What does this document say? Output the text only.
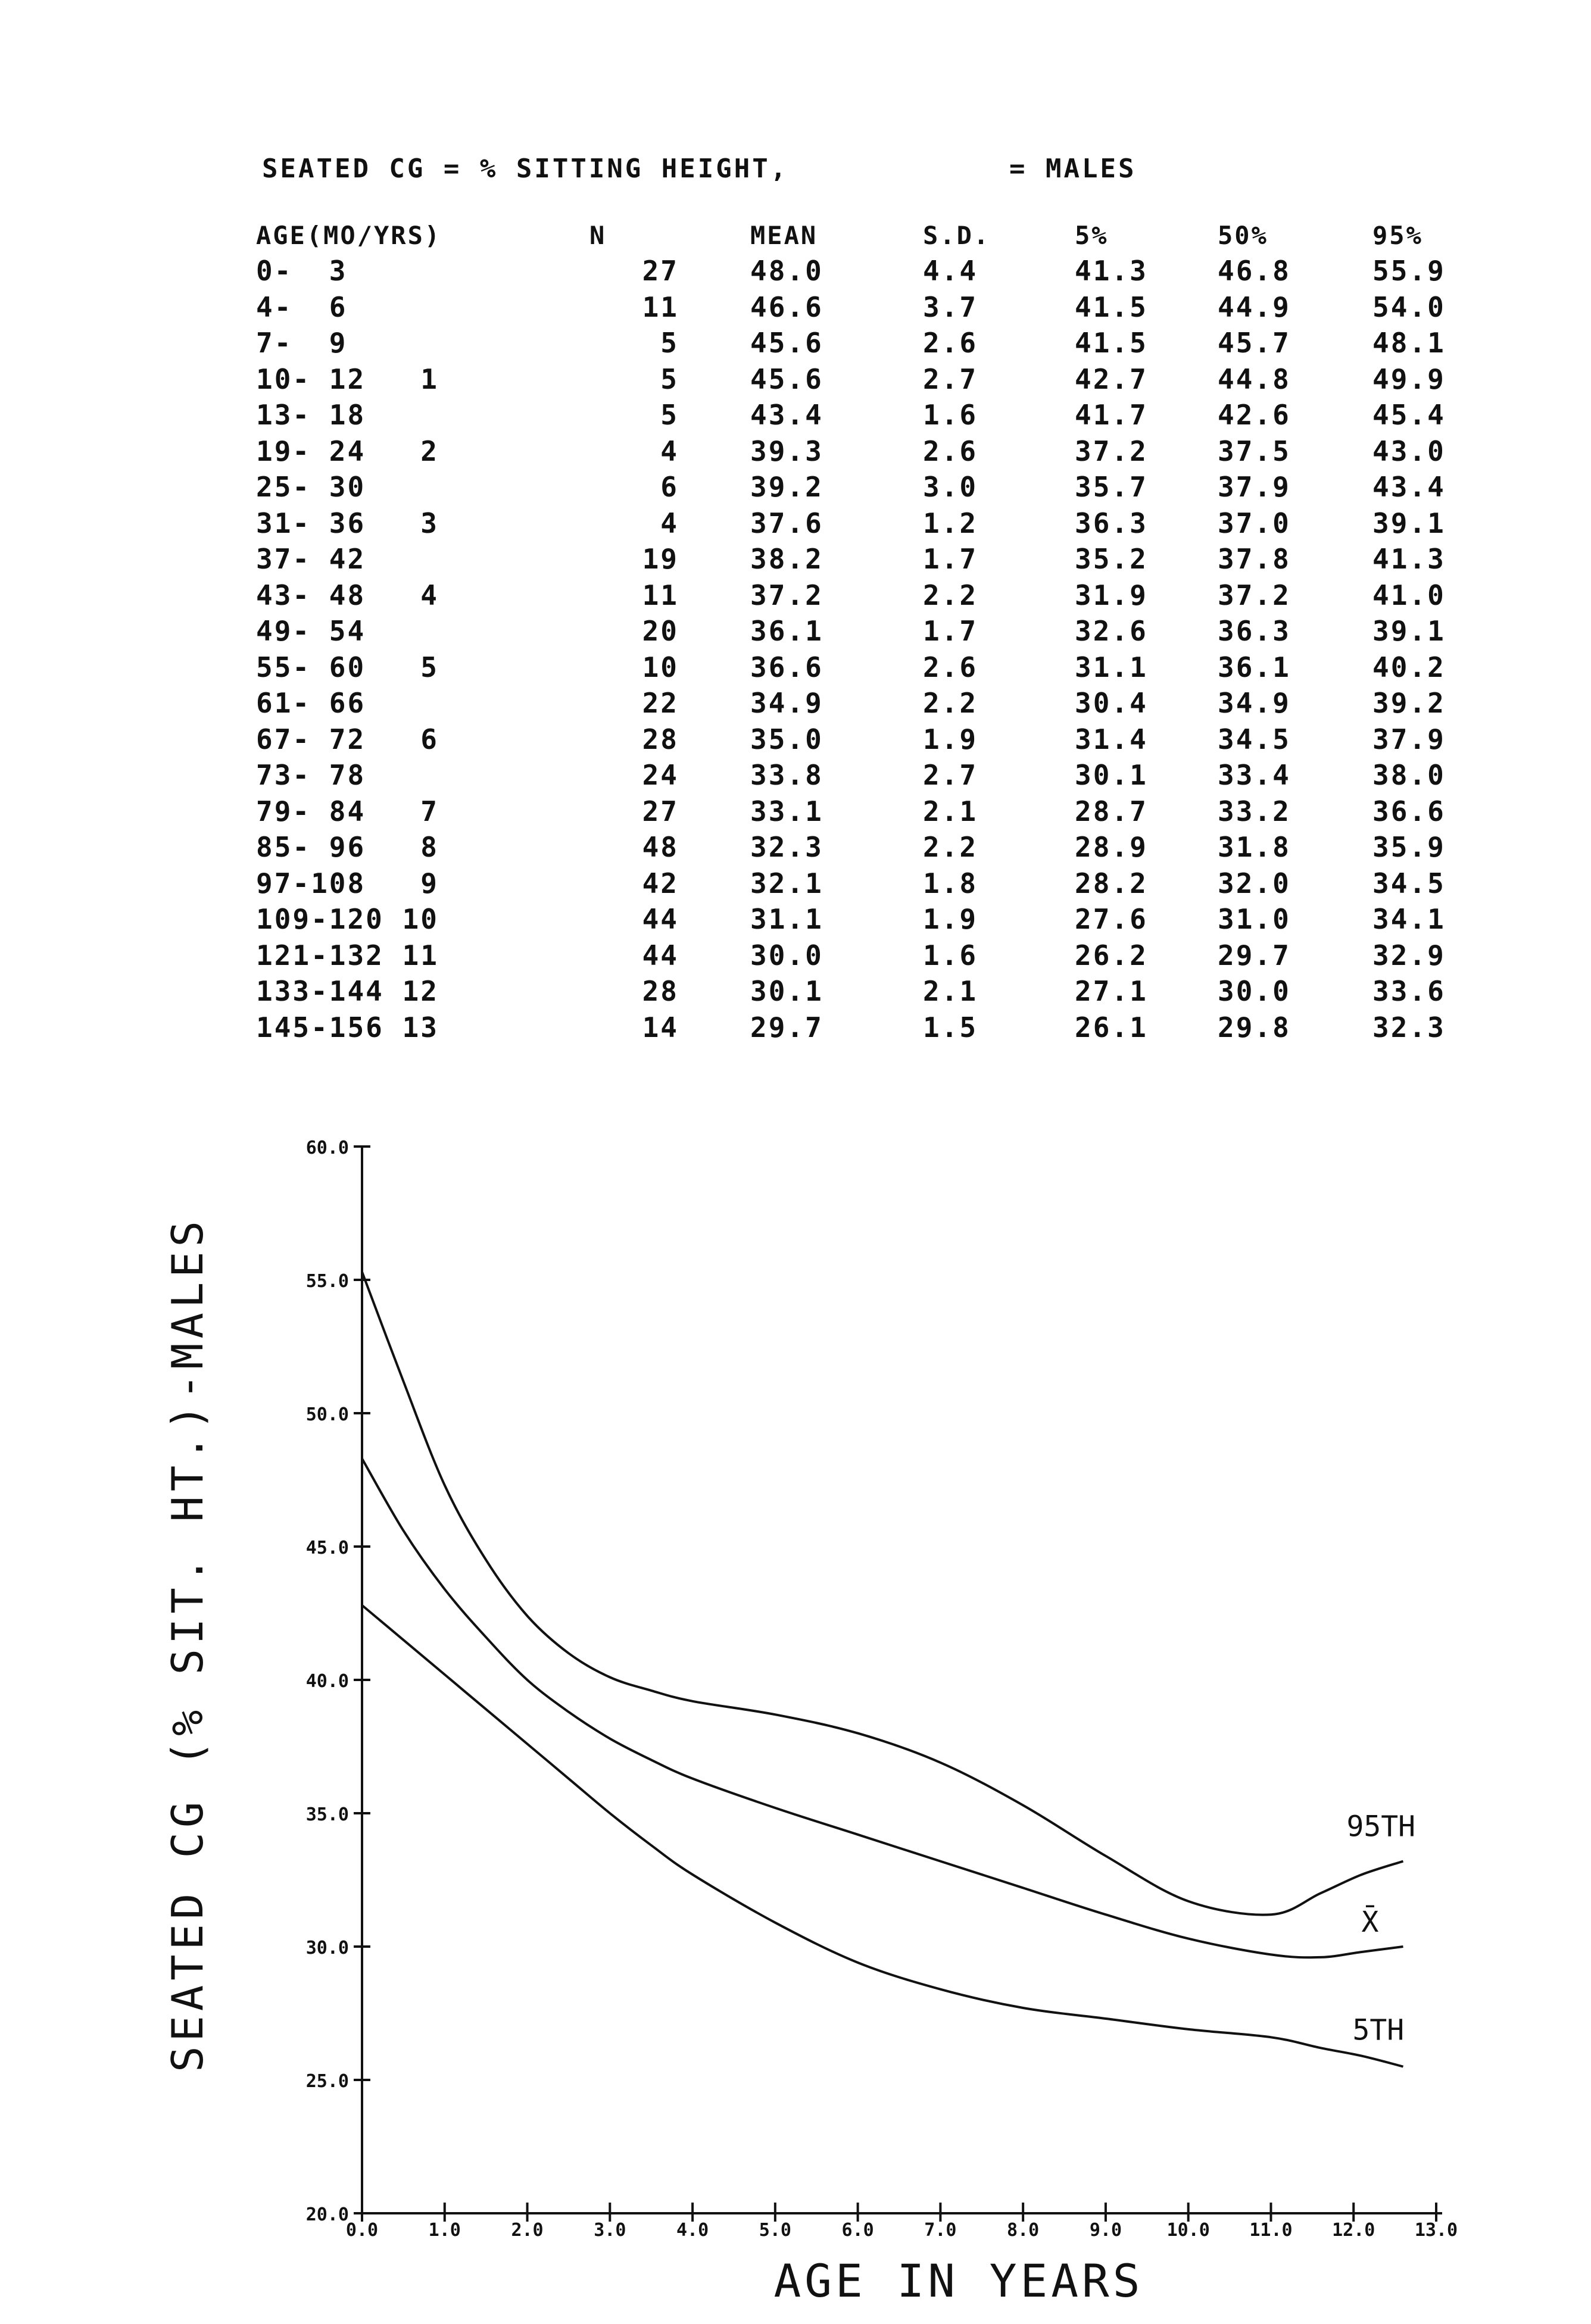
SEATED CG = % SITTING HEIGHT,	= MALES
AGE(MO/YRS)	N	MEAN	S.D.	5%	50%	95%
0-  3	27	48.0	4.4	41.3	46.8	55.9
4-  6	11	46.6	3.7	41.5	44.9	54.0
7-  9	5	45.6	2.6	41.5	45.7	48.1
10- 12   1	5	45.6	2.7	42.7	44.8	49.9
13- 18	5	43.4	1.6	41.7	42.6	45.4
19- 24   2	4	39.3	2.6	37.2	37.5	43.0
25- 30	6	39.2	3.0	35.7	37.9	43.4
31- 36   3	4	37.6	1.2	36.3	37.0	39.1
37- 42	19	38.2	1.7	35.2	37.8	41.3
43- 48   4	11	37.2	2.2	31.9	37.2	41.0
49- 54	20	36.1	1.7	32.6	36.3	39.1
55- 60   5	10	36.6	2.6	31.1	36.1	40.2
61- 66	22	34.9	2.2	30.4	34.9	39.2
67- 72   6	28	35.0	1.9	31.4	34.5	37.9
73- 78	24	33.8	2.7	30.1	33.4	38.0
79- 84   7	27	33.1	2.1	28.7	33.2	36.6
85- 96   8	48	32.3	2.2	28.9	31.8	35.9
97-108   9	42	32.1	1.8	28.2	32.0	34.5
109-120 10	44	31.1	1.9	27.6	31.0	34.1
121-132 11	44	30.0	1.6	26.2	29.7	32.9
133-144 12	28	30.1	2.1	27.1	30.0	33.6
145-156 13	14	29.7	1.5	26.1	29.8	32.3
20.0
25.0
30.0
35.0
40.0
45.0
50.0
55.0
60.0
0.0	1.0	2.0	3.0	4.0	5.0	6.0	7.0	8.0	9.0	10.0 11.0 12.0 13.0
95TH
X̄
5TH
AGE IN YEARS
SEATED CG (% SIT. HT.)-MALES
